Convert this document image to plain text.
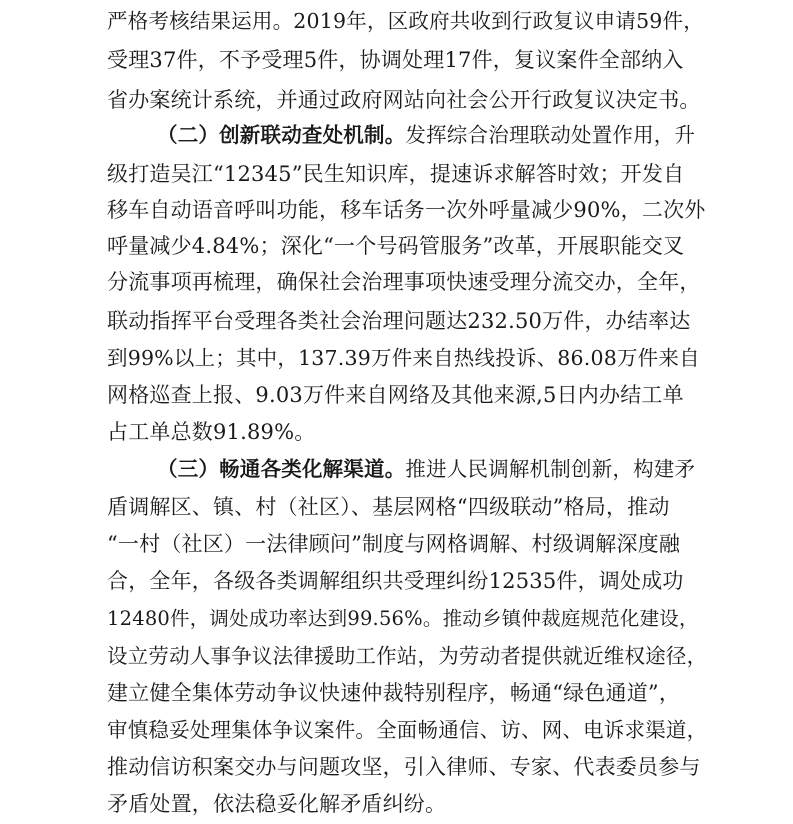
严格考核结果运用。2019年，区政府共收到行政复议申请59件，
受理37件，不予受理5件，协调处理17件，复议案件全部纳入
省办案统计系统，并通过政府网站向社会公开行政复议决定书。
（二）创新联动查处机制。发挥综合治理联动处置作用，升
级打造吴江“12345”民生知识库，提速诉求解答时效；开发自
移车自动语音呼叫功能，移车话务一次外呼量减少90%，二次外
呼量减少4.84%；深化“一个号码管服务”改革，开展职能交叉
分流事项再梳理，确保社会治理事项快速受理分流交办，全年，
联动指挥平台受理各类社会治理问题达232.50万件，办结率达
到99%以上；其中，137.39万件来自热线投诉、86.08万件来自
网格巡查上报、9.03万件来自网络及其他来源,5日内办结工单
占工单总数91.89%。
（三）畅通各类化解渠道。推进人民调解机制创新，构建矛
盾调解区、镇、村（社区）、基层网格“四级联动”格局，推动
“一村（社区）一法律顾问”制度与网格调解、村级调解深度融
合，全年，各级各类调解组织共受理纠纷12535件，调处成功
12480件，调处成功率达到99.56%。推动乡镇仲裁庭规范化建设，
设立劳动人事争议法律援助工作站，为劳动者提供就近维权途径，
建立健全集体劳动争议快速仲裁特别程序，畅通“绿色通道”，
审慎稳妥处理集体争议案件。全面畅通信、访、网、电诉求渠道，
推动信访积案交办与问题攻坚，引入律师、专家、代表委员参与
矛盾处置，依法稳妥化解矛盾纠纷。
